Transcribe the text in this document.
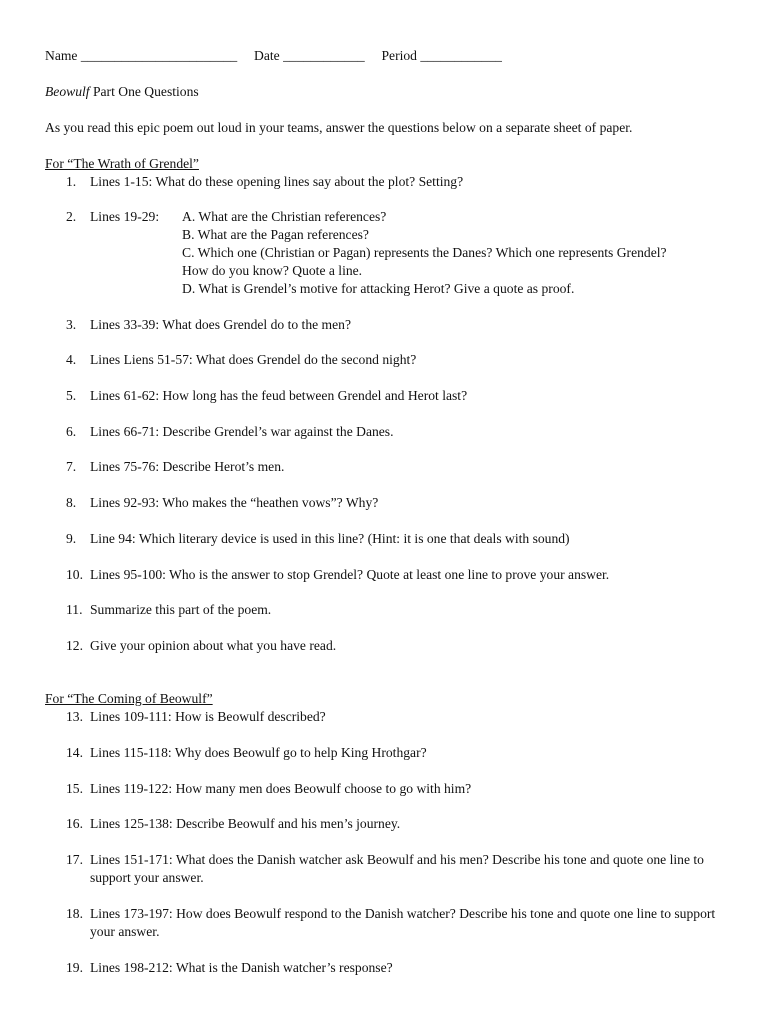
Name _______________________ Date ____________ Period ____________
Beowulf Part One Questions
As you read this epic poem out loud in your teams, answer the questions below on a separate sheet of paper.
For “The Wrath of Grendel”
1.	Lines 1-15: What do these opening lines say about the plot? Setting?
2.	Lines 19-29: A. What are the Christian references?
B. What are the Pagan references?
C. Which one (Christian or Pagan) represents the Danes? Which one represents Grendel?
How do you know? Quote a line.
D. What is Grendel’s motive for attacking Herot? Give a quote as proof.
3.	Lines 33-39: What does Grendel do to the men?
4.	Lines Liens 51-57: What does Grendel do the second night?
5.	Lines 61-62: How long has the feud between Grendel and Herot last?
6.	Lines 66-71: Describe Grendel’s war against the Danes.
7.	Lines 75-76: Describe Herot’s men.
8.	Lines 92-93: Who makes the “heathen vows”? Why?
9.	Line 94: Which literary device is used in this line? (Hint: it is one that deals with sound)
10. Lines 95-100: Who is the answer to stop Grendel? Quote at least one line to prove your answer.
11. Summarize this part of the poem.
12. Give your opinion about what you have read.
For “The Coming of Beowulf”
13. Lines 109-111: How is Beowulf described?
14. Lines 115-118: Why does Beowulf go to help King Hrothgar?
15. Lines 119-122: How many men does Beowulf choose to go with him?
16. Lines 125-138: Describe Beowulf and his men’s journey.
17. Lines 151-171: What does the Danish watcher ask Beowulf and his men? Describe his tone and quote one line to support your answer.
18. Lines 173-197: How does Beowulf respond to the Danish watcher? Describe his tone and quote one line to support your answer.
19. Lines 198-212: What is the Danish watcher’s response?
